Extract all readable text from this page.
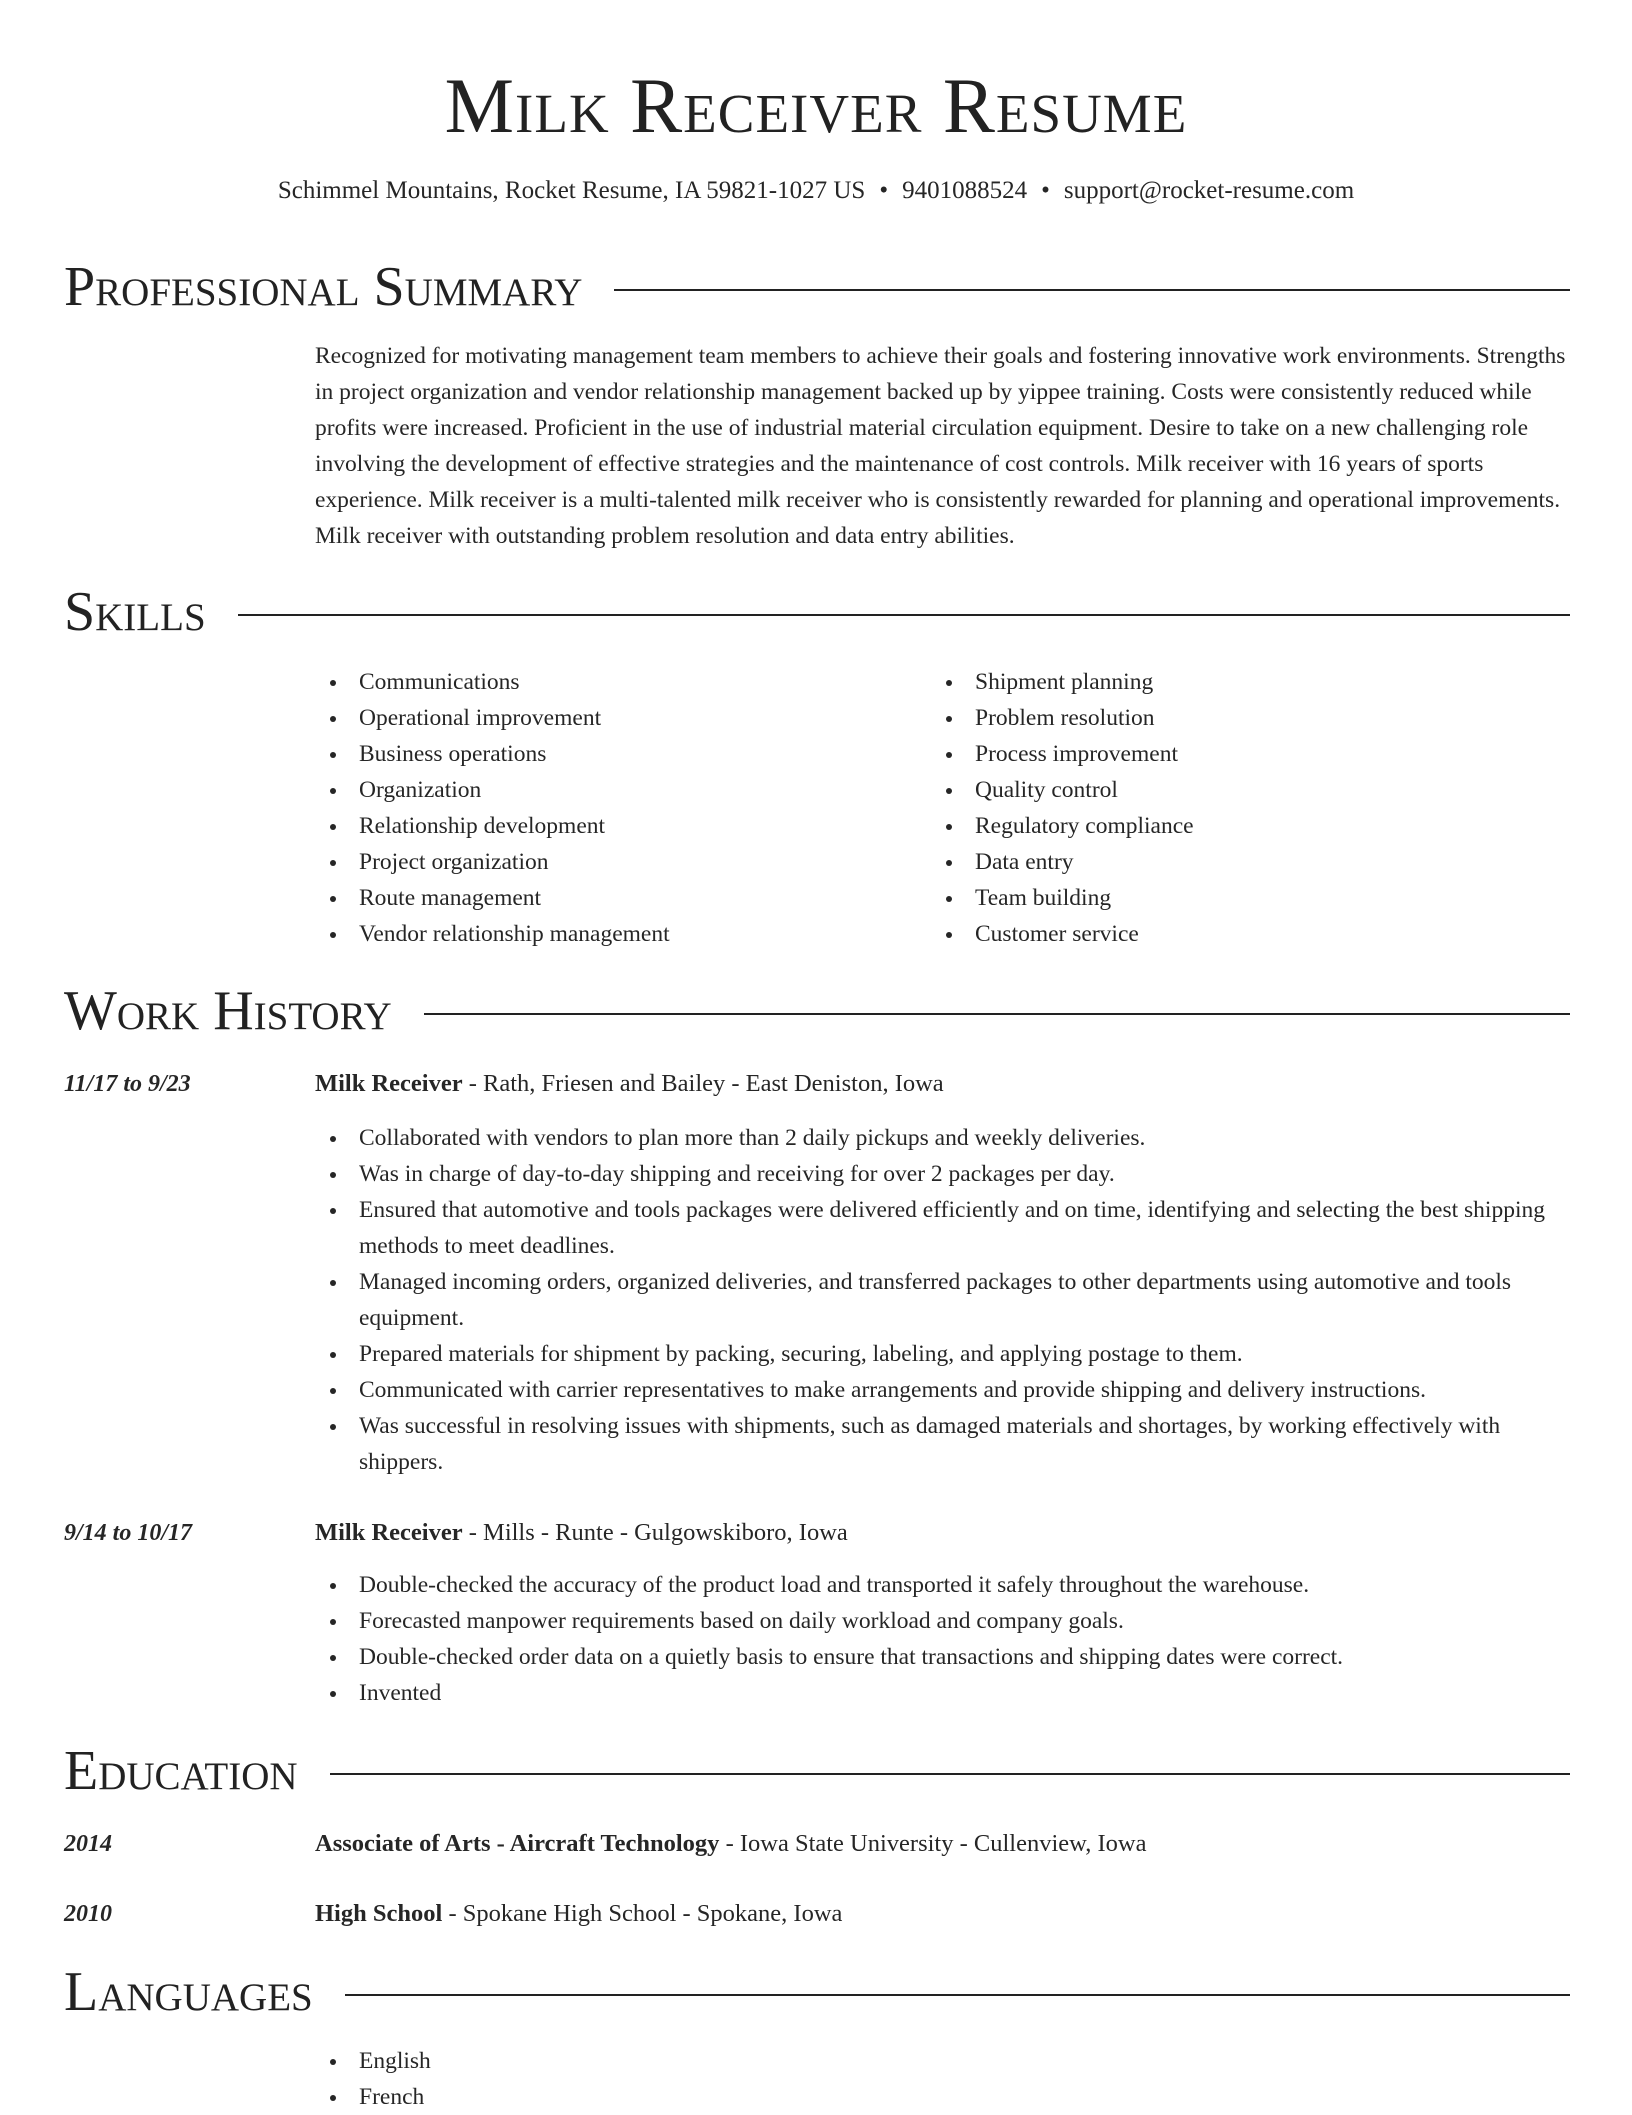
Milk Receiver Resume
Schimmel Mountains, Rocket Resume, IA 59821-1027 US • 9401088524 • support@rocket-resume.com
Professional Summary

Recognized for motivating management team members to achieve their goals and fostering innovative work environments. Strengths in project organization and vendor relationship management backed up by yippee training. Costs were consistently reduced while profits were increased. Proficient in the use of industrial material circulation equipment. Desire to take on a new challenging role involving the development of effective strategies and the maintenance of cost controls. Milk receiver with 16 years of sports experience. Milk receiver is a multi-talented milk receiver who is consistently rewarded for planning and operational improvements. Milk receiver with outstanding problem resolution and data entry abilities.

Skills
Communications
Operational improvement
Business operations
Organization
Relationship development
Project organization
Route management
Vendor relationship management
Shipment planning
Problem resolution
Process improvement
Quality control
Regulatory compliance
Data entry
Team building
Customer service
Work History
11/17 to 9/23	Milk Receiver - Rath, Friesen and Bailey - East Deniston, Iowa
Collaborated with vendors to plan more than 2 daily pickups and weekly deliveries.
Was in charge of day-to-day shipping and receiving for over 2 packages per day.
Ensured that automotive and tools packages were delivered efficiently and on time, identifying and selecting the best shipping methods to meet deadlines.
Managed incoming orders, organized deliveries, and transferred packages to other departments using automotive and tools equipment.
Prepared materials for shipment by packing, securing, labeling, and applying postage to them.
Communicated with carrier representatives to make arrangements and provide shipping and delivery instructions.
Was successful in resolving issues with shipments, such as damaged materials and shortages, by working effectively with shippers.
9/14 to 10/17	Milk Receiver - Mills - Runte - Gulgowskiboro, Iowa
Double-checked the accuracy of the product load and transported it safely throughout the warehouse.
Forecasted manpower requirements based on daily workload and company goals.
Double-checked order data on a quietly basis to ensure that transactions and shipping dates were correct.
Invented
Education
2014	Associate of Arts - Aircraft Technology - Iowa State University - Cullenview, Iowa
2010	High School - Spokane High School - Spokane, Iowa
Languages
English
French
